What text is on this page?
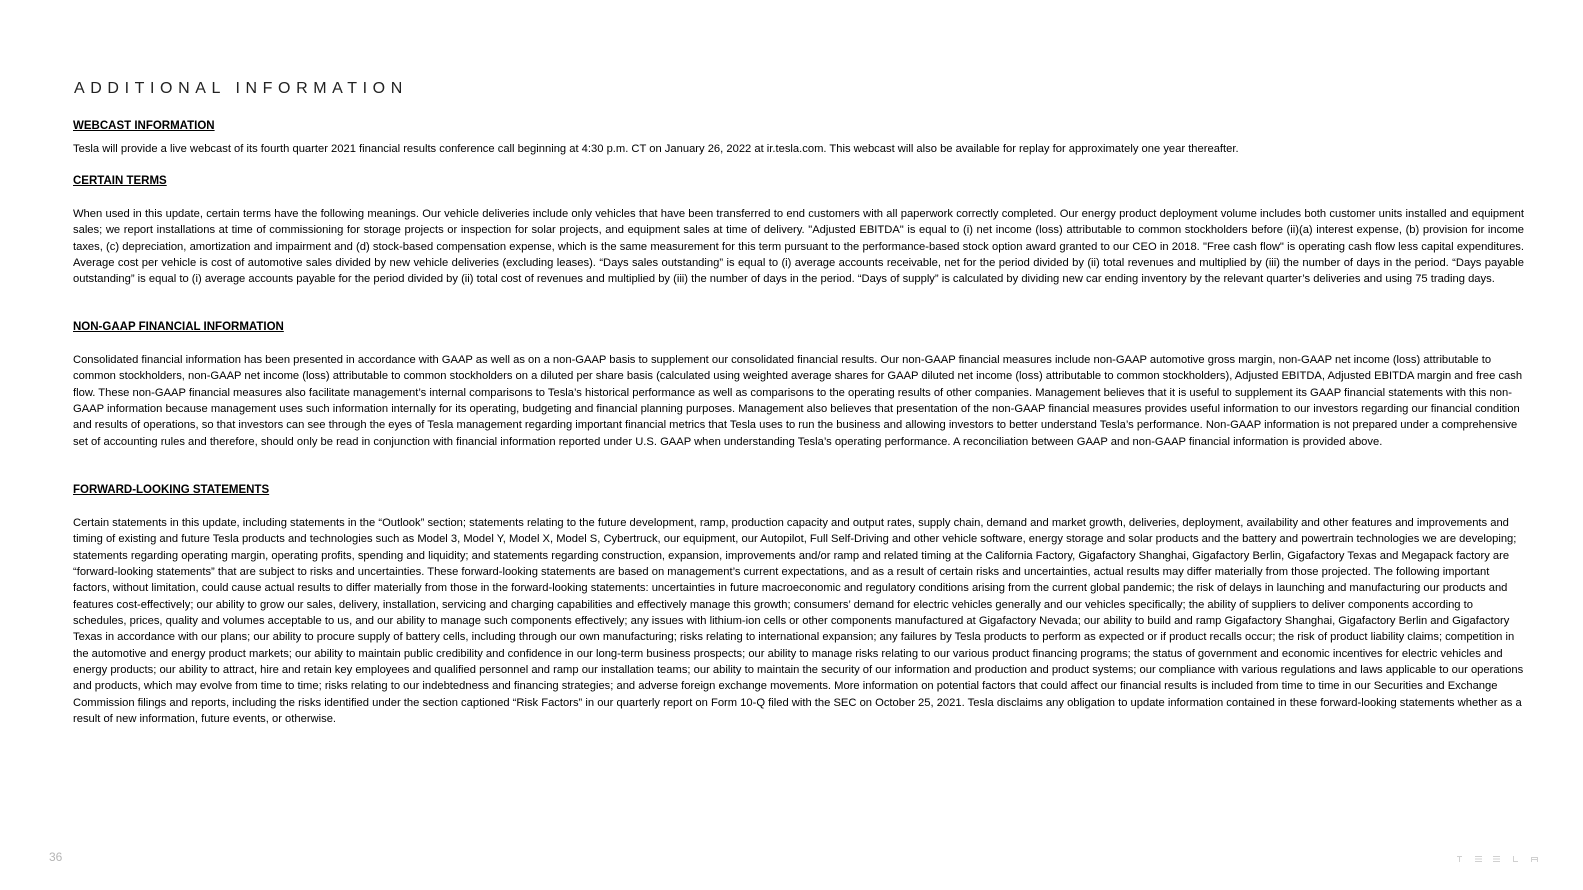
ADDITIONAL INFORMATION
WEBCAST INFORMATION

Tesla will provide a live webcast of its fourth quarter 2021 financial results conference call beginning at 4:30 p.m. CT on January 26, 2022 at ir.tesla.com. This webcast will also be available for replay for approximately one year thereafter.

CERTAIN TERMS

When used in this update, certain terms have the following meanings. Our vehicle deliveries include only vehicles that have been transferred to end customers with all paperwork correctly completed. Our energy product deployment volume includes both customer units installed and equipment sales; we report installations at time of commissioning for storage projects or inspection for solar projects, and equipment sales at time of delivery. "Adjusted EBITDA" is equal to (i) net income (loss) attributable to common stockholders before (ii)(a) interest expense, (b) provision for income taxes, (c) depreciation, amortization and impairment and (d) stock-based compensation expense, which is the same measurement for this term pursuant to the performance-based stock option award granted to our CEO in 2018. "Free cash flow" is operating cash flow less capital expenditures. Average cost per vehicle is cost of automotive sales divided by new vehicle deliveries (excluding leases). “Days sales outstanding” is equal to (i) average accounts receivable, net for the period divided by (ii) total revenues and multiplied by (iii) the number of days in the period. “Days payable outstanding” is equal to (i) average accounts payable for the period divided by (ii) total cost of revenues and multiplied by (iii) the number of days in the period. “Days of supply” is calculated by dividing new car ending inventory by the relevant quarter’s deliveries and using 75 trading days.

NON-GAAP FINANCIAL INFORMATION

Consolidated financial information has been presented in accordance with GAAP as well as on a non-GAAP basis to supplement our consolidated financial results. Our non-GAAP financial measures include non-GAAP automotive gross margin, non-GAAP net income (loss) attributable to common stockholders, non-GAAP net income (loss) attributable to common stockholders on a diluted per share basis (calculated using weighted average shares for GAAP diluted net income (loss) attributable to common stockholders), Adjusted EBITDA, Adjusted EBITDA margin and free cash flow. These non-GAAP financial measures also facilitate management’s internal comparisons to Tesla’s historical performance as well as comparisons to the operating results of other companies. Management believes that it is useful to supplement its GAAP financial statements with this non-GAAP information because management uses such information internally for its operating, budgeting and financial planning purposes. Management also believes that presentation of the non-GAAP financial measures provides useful information to our investors regarding our financial condition and results of operations, so that investors can see through the eyes of Tesla management regarding important financial metrics that Tesla uses to run the business and allowing investors to better understand Tesla’s performance. Non-GAAP information is not prepared under a comprehensive set of accounting rules and therefore, should only be read in conjunction with financial information reported under U.S. GAAP when understanding Tesla’s operating performance. A reconciliation between GAAP and non-GAAP financial information is provided above.

FORWARD-LOOKING STATEMENTS

Certain statements in this update, including statements in the “Outlook” section; statements relating to the future development, ramp, production capacity and output rates, supply chain, demand and market growth, deliveries, deployment, availability and other features and improvements and timing of existing and future Tesla products and technologies such as Model 3, Model Y, Model X, Model S, Cybertruck, our equipment, our Autopilot, Full Self-Driving and other vehicle software, energy storage and solar products and the battery and powertrain technologies we are developing; statements regarding operating margin, operating profits, spending and liquidity; and statements regarding construction, expansion, improvements and/or ramp and related timing at the California Factory, Gigafactory Shanghai, Gigafactory Berlin, Gigafactory Texas and Megapack factory are “forward-looking statements” that are subject to risks and uncertainties. These forward-looking statements are based on management’s current expectations, and as a result of certain risks and uncertainties, actual results may differ materially from those projected. The following important factors, without limitation, could cause actual results to differ materially from those in the forward-looking statements: uncertainties in future macroeconomic and regulatory conditions arising from the current global pandemic; the risk of delays in launching and manufacturing our products and features cost-effectively; our ability to grow our sales, delivery, installation, servicing and charging capabilities and effectively manage this growth; consumers’ demand for electric vehicles generally and our vehicles specifically; the ability of suppliers to deliver components according to schedules, prices, quality and volumes acceptable to us, and our ability to manage such components effectively; any issues with lithium-ion cells or other components manufactured at Gigafactory Nevada; our ability to build and ramp Gigafactory Shanghai, Gigafactory Berlin and Gigafactory Texas in accordance with our plans; our ability to procure supply of battery cells, including through our own manufacturing; risks relating to international expansion; any failures by Tesla products to perform as expected or if product recalls occur; the risk of product liability claims; competition in the automotive and energy product markets; our ability to maintain public credibility and confidence in our long-term business prospects; our ability to manage risks relating to our various product financing programs; the status of government and economic incentives for electric vehicles and energy products; our ability to attract, hire and retain key employees and qualified personnel and ramp our installation teams; our ability to maintain the security of our information and production and product systems; our compliance with various regulations and laws applicable to our operations and products, which may evolve from time to time; risks relating to our indebtedness and financing strategies; and adverse foreign exchange movements. More information on potential factors that could affect our financial results is included from time to time in our Securities and Exchange Commission filings and reports, including the risks identified under the section captioned “Risk Factors” in our quarterly report on Form 10-Q filed with the SEC on October 25, 2021. Tesla disclaims any obligation to update information contained in these forward-looking statements whether as a result of new information, future events, or otherwise.

36
